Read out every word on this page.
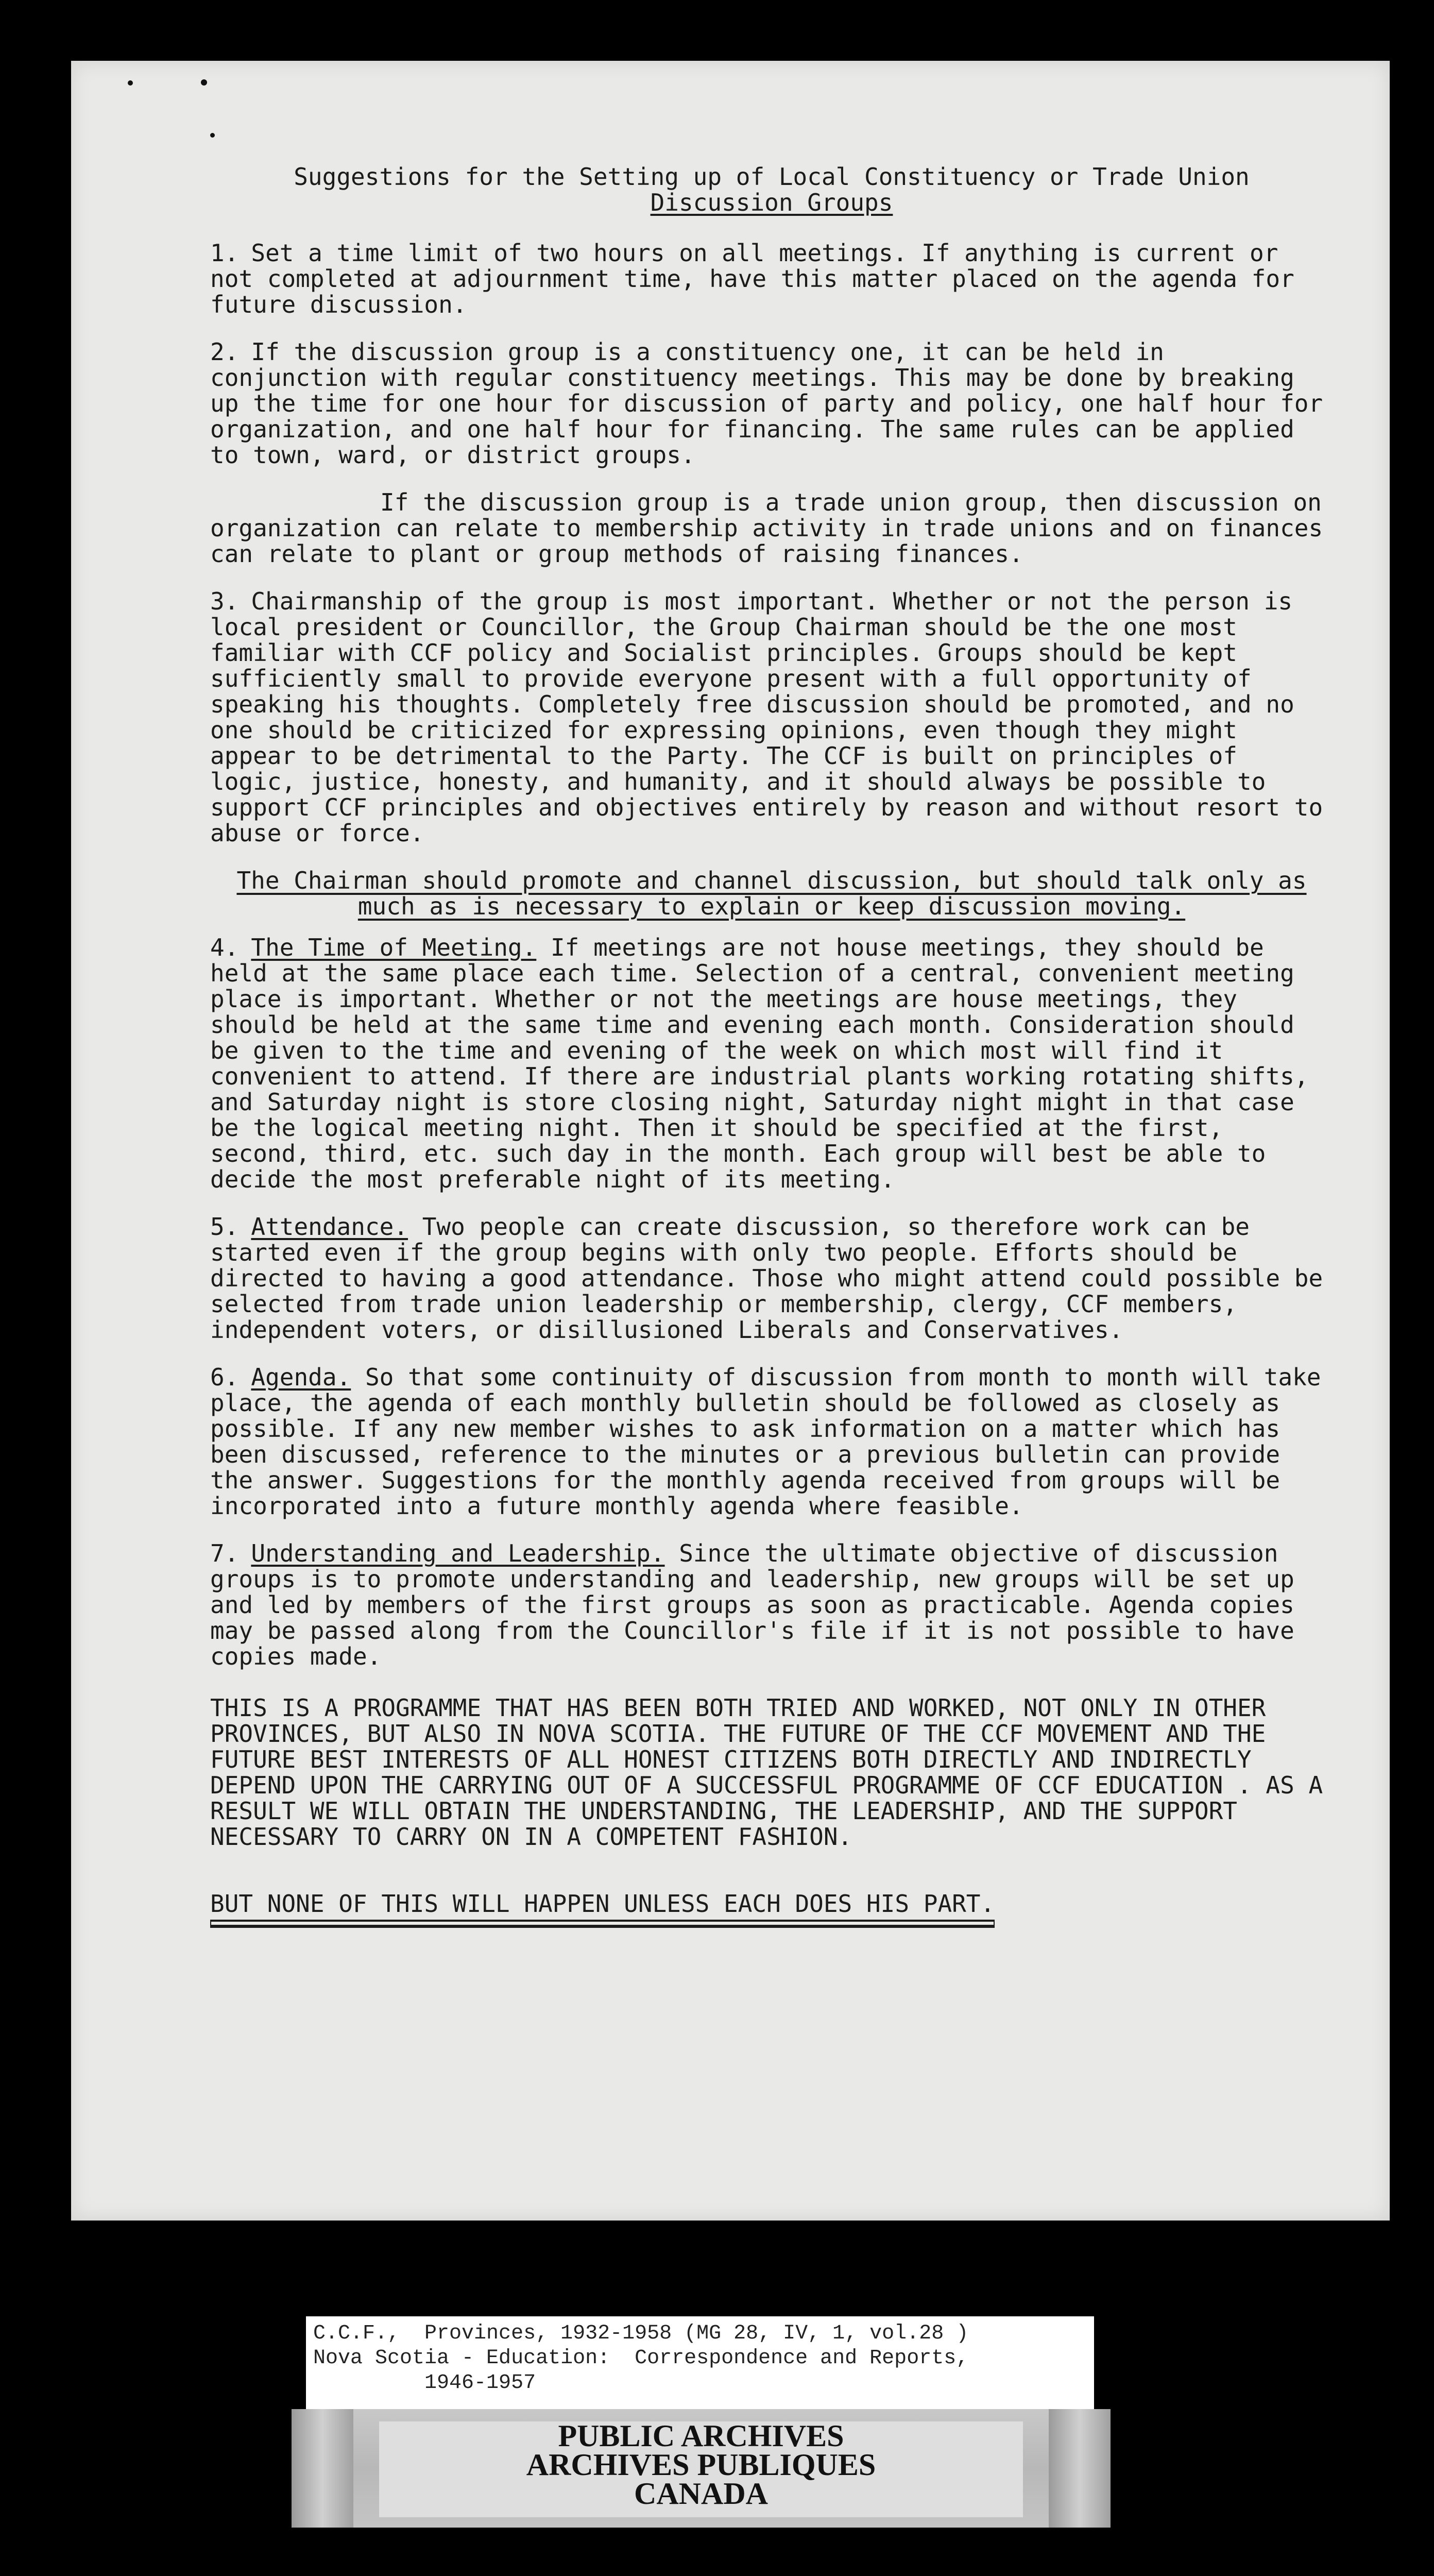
Suggestions for the Setting up of Local Constituency or Trade Union
Discussion Groups

1. Set a time limit of two hours on all meetings. If anything is current or not completed at adjournment time, have this matter placed on the agenda for future discussion.

2. If the discussion group is a constituency one, it can be held in conjunction with regular constituency meetings. This may be done by breaking up the time for one hour for discussion of party and policy, one half hour for organization, and one half hour for financing. The same rules can be applied to town, ward, or district groups.

If the discussion group is a trade union group, then discussion on organization can relate to membership activity in trade unions and on finances can relate to plant or group methods of raising finances.

3. Chairmanship of the group is most important. Whether or not the person is local president or Councillor, the Group Chairman should be the one most familiar with CCF policy and Socialist principles. Groups should be kept sufficiently small to provide everyone present with a full opportunity of speaking his thoughts. Completely free discussion should be promoted, and no one should be criticized for expressing opinions, even though they might appear to be detrimental to the Party. The CCF is built on principles of logic, justice, honesty, and humanity, and it should always be possible to support CCF principles and objectives entirely by reason and without resort to abuse or force.

The Chairman should promote and channel discussion, but should talk only as much as is necessary to explain or keep discussion moving.

4. The Time of Meeting. If meetings are not house meetings, they should be held at the same place each time. Selection of a central, convenient meeting place is important. Whether or not the meetings are house meetings, they should be held at the same time and evening each month. Consideration should be given to the time and evening of the week on which most will find it convenient to attend. If there are industrial plants working rotating shifts, and Saturday night is store closing night, Saturday night might in that case be the logical meeting night. Then it should be specified at the first, second, third, etc. such day in the month. Each group will best be able to decide the most preferable night of its meeting.

5. Attendance. Two people can create discussion, so therefore work can be started even if the group begins with only two people. Efforts should be directed to having a good attendance. Those who might attend could possible be selected from trade union leadership or membership, clergy, CCF members, independent voters, or disillusioned Liberals and Conservatives.

6. Agenda. So that some continuity of discussion from month to month will take place, the agenda of each monthly bulletin should be followed as closely as possible. If any new member wishes to ask information on a matter which has been discussed, reference to the minutes or a previous bulletin can provide the answer. Suggestions for the monthly agenda received from groups will be incorporated into a future monthly agenda where feasible.

7. Understanding and Leadership. Since the ultimate objective of discussion groups is to promote understanding and leadership, new groups will be set up and led by members of the first groups as soon as practicable. Agenda copies may be passed along from the Councillor's file if it is not possible to have copies made.

THIS IS A PROGRAMME THAT HAS BEEN BOTH TRIED AND WORKED, NOT ONLY IN OTHER PROVINCES, BUT ALSO IN NOVA SCOTIA. THE FUTURE OF THE CCF MOVEMENT AND THE FUTURE BEST INTERESTS OF ALL HONEST CITIZENS BOTH DIRECTLY AND INDIRECTLY DEPEND UPON THE CARRYING OUT OF A SUCCESSFUL PROGRAMME OF CCF EDUCATION . AS A RESULT WE WILL OBTAIN THE UNDERSTANDING, THE LEADERSHIP, AND THE SUPPORT NECESSARY TO CARRY ON IN A COMPETENT FASHION.

BUT NONE OF THIS WILL HAPPEN UNLESS EACH DOES HIS PART.

C.C.F.,  Provinces, 1932-1958 (MG 28, IV, 1, vol.28 )
Nova Scotia - Education:  Correspondence and Reports,
1946-1957
PUBLIC ARCHIVES
ARCHIVES PUBLIQUES
CANADA
